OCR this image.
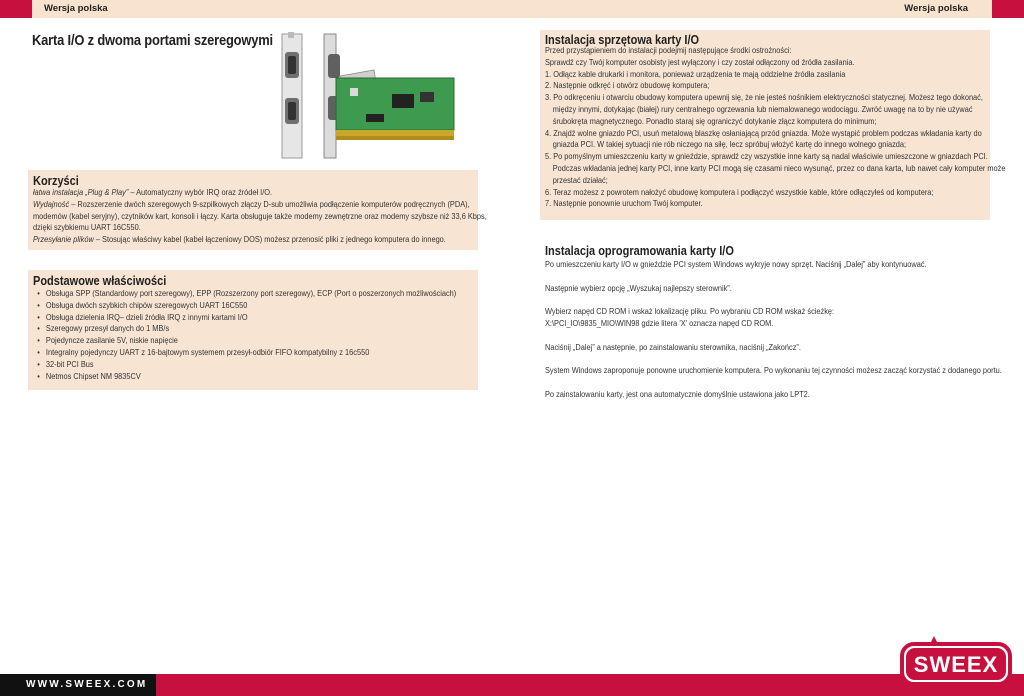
Wersja polska	Wersja polska
Karta I/O z dwoma portami szeregowymi
Korzyści

łatwa instalacja „Plug & Play” – Automatyczny wybór IRQ oraz źródeł I/O.

Wydajność – Rozszerzenie dwóch szeregowych 9-szpilkowych złączy D-sub umożliwia podłączenie komputerów podręcznych (PDA),

modemów (kabel seryjny), czytników kart, konsoli i łączy. Karta obsługuje także modemy zewnętrzne oraz modemy szybsze niż 33,6 Kbps,

dzięki szybkiemu UART 16C550.

Przesyłanie plików – Stosując właściwy kabel (kabel łączeniowy DOS) możesz przenosić pliki z jednego komputera do innego.

Podstawowe właściwości
• Obsługa SPP (Standardowy port szeregowy), EPP (Rozszerzony port szeregowy), ECP (Port o poszerzonych możliwościach)
• Obsługa dwóch szybkich chipów szeregowych UART 16C550
• Obsługa dzielenia IRQ– dzieli źródła IRQ z innymi kartami I/O
• Szeregowy przesył danych do 1 MB/s
• Pojedyncze zasilanie 5V, niskie napięcie
• Integralny pojedynczy UART z 16-bajtowym systemem przesył-odbiór FIFO kompatybilny z 16c550
• 32-bit PCI Bus
• Netmos Chipset NM 9835CV
Instalacja sprzętowa karty I/O

Przed przystąpieniem do instalacji podejmij następujące środki ostrożności:

Sprawdź czy Twój komputer osobisty jest wyłączony i czy został odłączony od źródła zasilania.

1. Odłącz kable drukarki i monitora, ponieważ urządzenia te mają oddzielne źródła zasilania

2. Następnie odkręć i otwórz obudowę komputera;

3. Po odkręceniu i otwarciu obudowy komputera upewnij się, że nie jesteś nośnikiem elektryczności statycznej. Możesz tego dokonać,

między innymi, dotykając (białej) rury centralnego ogrzewania lub niemalowanego wodociągu. Zwróć uwagę na to by nie używać

śrubokręta magnetycznego. Ponadto staraj się ograniczyć dotykanie złącz komputera do minimum;

4. Znajdź wolne gniazdo PCI, usuń metalową blaszkę osłaniającą przód gniazda. Może wystąpić problem podczas wkładania karty do

gniazda PCI. W takiej sytuacji nie rób niczego na siłę, lecz spróbuj włożyć kartę do innego wolnego gniazda;

5. Po pomyślnym umieszczeniu karty w gnieździe, sprawdź czy wszystkie inne karty są nadal właściwie umieszczone w gniazdach PCI.

Podczas wkładania jednej karty PCI, inne karty PCI mogą się czasami nieco wysunąć, przez co dana karta, lub nawet cały komputer może

przestać działać;

6. Teraz możesz z powrotem nałożyć obudowę komputera i podłączyć wszystkie kable, które odłączyłeś od komputera;

7. Następnie ponownie uruchom Twój komputer.

Instalacja oprogramowania karty I/O

Po umieszczeniu karty I/O w gnieździe PCI system Windows wykryje nowy sprzęt. Naciśnij „Dalej” aby kontynuować.

Następnie wybierz opcję „Wyszukaj najlepszy sterownik”.

Wybierz napęd CD ROM i wskaż lokalizację pliku. Po wybraniu CD ROM wskaż ścieżkę:
X:\PCI_IO\9835_MIO\WIN98 gdzie litera 'X' oznacza napęd CD ROM.

Naciśnij „Dalej” a następnie, po zainstalowaniu sterownika, naciśnij „Zakończ”.

System Windows zaproponuje ponowne uruchomienie komputera. Po wykonaniu tej czynności możesz zacząć korzystać z dodanego portu.

Po zainstalowaniu karty, jest ona automatycznie domyślnie ustawiona jako LPT2.

WWW.SWEEX.COM
SWEEX
ESSENTIALS
